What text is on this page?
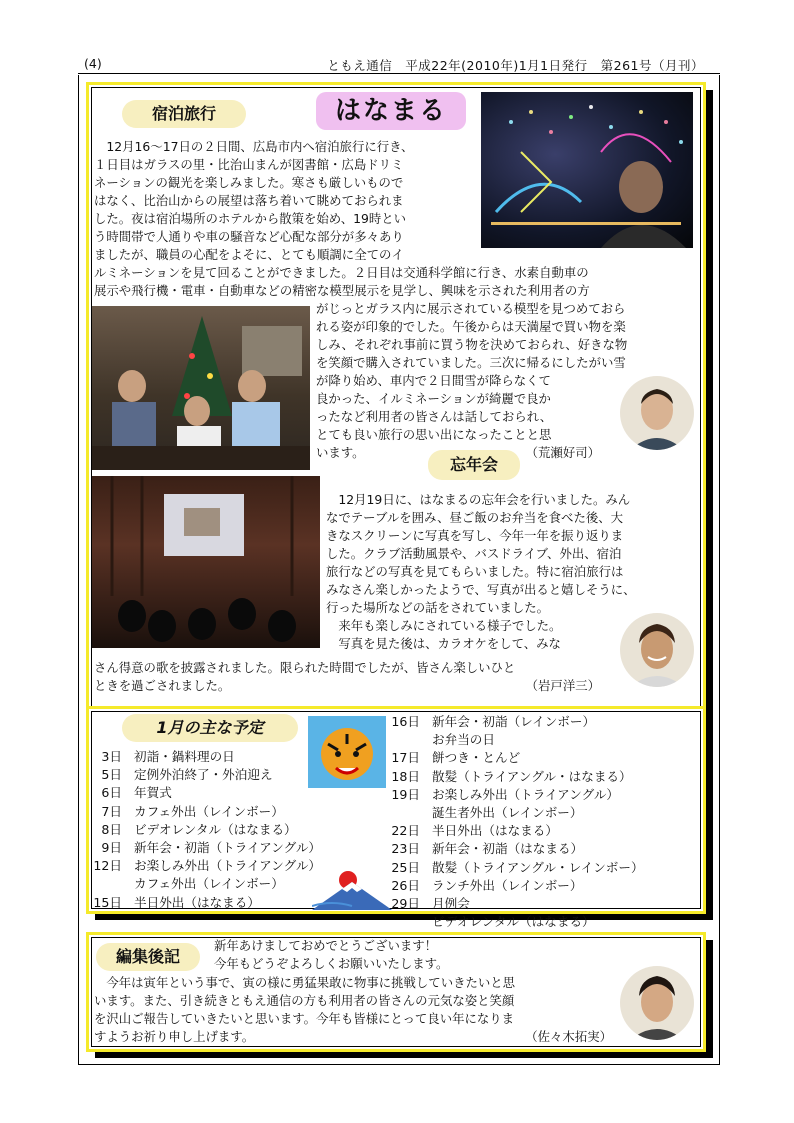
(4)	ともえ通信　平成22年(2010年)1月1日発行　第261号（月刊）
宿泊旅行	はなまる
　12月16〜17日の２日間、広島市内へ宿泊旅行に行き、
１日目はガラスの里・比治山まんが図書館・広島ドリミ
ネーションの観光を楽しみました。寒さも厳しいもので
はなく、比治山からの展望は落ち着いて眺めておられま
した。夜は宿泊場所のホテルから散策を始め、19時とい
う時間帯で人通りや車の騒音など心配な部分が多々あり
ましたが、職員の心配をよそに、とても順調に全てのイ
ルミネーションを見て回ることができました。２日目は交通科学館に行き、水素自動車の
展示や飛行機・電車・自動車などの精密な模型展示を見学し、興味を示された利用者の方
がじっとガラス内に展示されている模型を見つめておら
れる姿が印象的でした。午後からは天満屋で買い物を楽
しみ、それぞれ事前に買う物を決めておられ、好きな物
を笑顔で購入されていました。三次に帰るにしたがい雪
が降り始め、車内で２日間雪が降らなくて
良かった、イルミネーションが綺麗で良か
ったなど利用者の皆さんは話しておられ、
とても良い旅行の思い出になったことと思
います。	（荒瀬好司）
忘年会
　12月19日に、はなまるの忘年会を行いました。みん
なでテーブルを囲み、昼ご飯のお弁当を食べた後、大
きなスクリーンに写真を写し、今年一年を振り返りま
した。クラブ活動風景や、バスドライブ、外出、宿泊
旅行などの写真を見てもらいました。特に宿泊旅行は
みなさん楽しかったようで、写真が出ると嬉しそうに、
行った場所などの話をされていました。
　来年も楽しみにされている様子でした。
　写真を見た後は、カラオケをして、みな
さん得意の歌を披露されました。限られた時間でしたが、皆さん楽しいひと
ときを過ごされました。	（岩戸洋三）
1月の主な予定
3日 初詣・鍋料理の日
5日 定例外泊終了・外泊迎え
6日 年賀式
7日 カフェ外出（レインボー）
8日 ビデオレンタル（はなまる）
9日 新年会・初詣（トライアングル）
12日 お楽しみ外出（トライアングル）
カフェ外出（レインボー）
15日 半日外出（はなまる）
16日 新年会・初詣（レインボー）
お弁当の日
17日 餅つき・とんど
18日 散髪（トライアングル・はなまる）
19日 お楽しみ外出（トライアングル）
誕生者外出（レインボー）
22日 半日外出（はなまる）
23日 新年会・初詣（はなまる）
25日 散髪（トライアングル・レインボー）
26日 ランチ外出（レインボー）
29日 月例会
ビデオレンタル（はなまる）
編集後記
新年あけましておめでとうございます！
今年もどうぞよろしくお願いいたします。
　今年は寅年という事で、寅の様に勇猛果敢に物事に挑戦していきたいと思
います。また、引き続きともえ通信の方も利用者の皆さんの元気な姿と笑顔
を沢山ご報告していきたいと思います。今年も皆様にとって良い年になりま
すようお祈り申し上げます。	（佐々木拓実）
